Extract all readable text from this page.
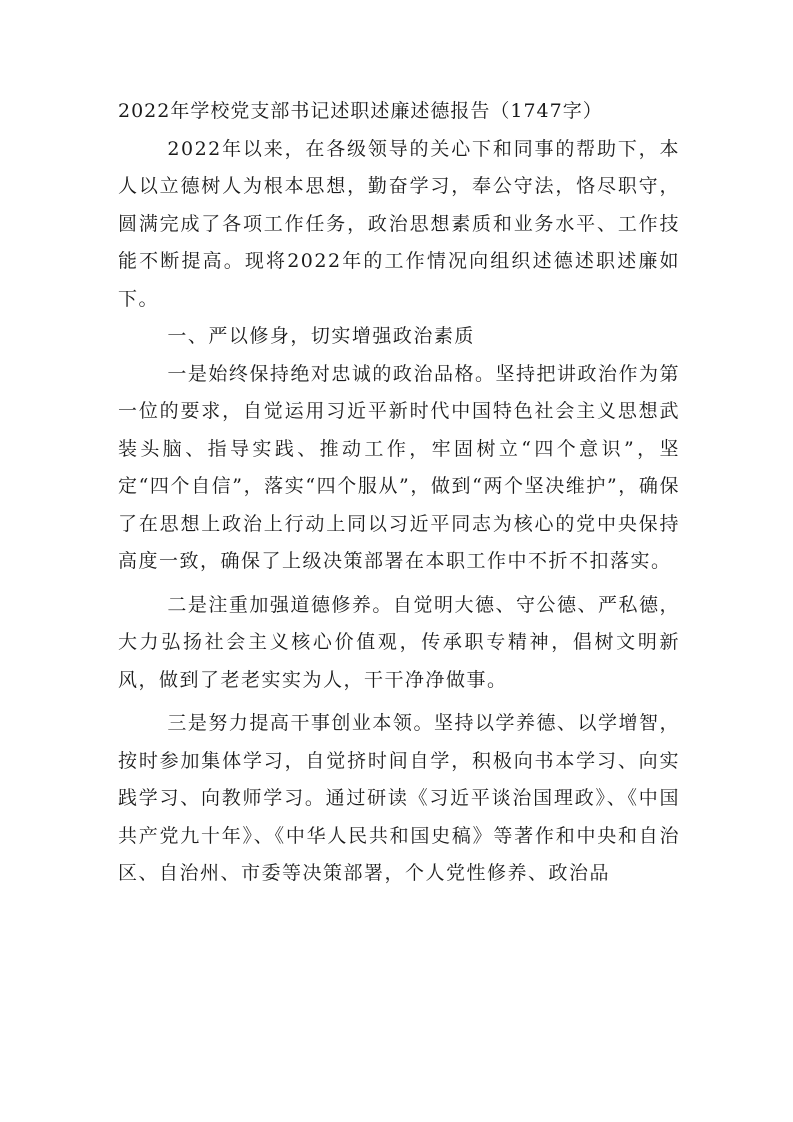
2022年学校党支部书记述职述廉述德报告（1747字）

2022年以来，在各级领导的关心下和同事的帮助下，本人以立德树人为根本思想，勤奋学习，奉公守法，恪尽职守，圆满完成了各项工作任务，政治思想素质和业务水平、工作技能不断提高。现将2022年的工作情况向组织述德述职述廉如下。

一、严以修身，切实增强政治素质

一是始终保持绝对忠诚的政治品格。坚持把讲政治作为第一位的要求，自觉运用习近平新时代中国特色社会主义思想武装头脑、指导实践、推动工作，牢固树立“四个意识”，坚定“四个自信”，落实“四个服从”，做到“两个坚决维护”，确保了在思想上政治上行动上同以习近平同志为核心的党中央保持高度一致，确保了上级决策部署在本职工作中不折不扣落实。

二是注重加强道德修养。自觉明大德、守公德、严私德，大力弘扬社会主义核心价值观，传承职专精神，倡树文明新风，做到了老老实实为人，干干净净做事。

三是努力提高干事创业本领。坚持以学养德、以学增智，按时参加集体学习，自觉挤时间自学，积极向书本学习、向实践学习、向教师学习。通过研读《习近平谈治国理政》、《中国共产党九十年》、《中华人民共和国史稿》等著作和中央和自治区、自治州、市委等决策部署，个人党性修养、政治品
